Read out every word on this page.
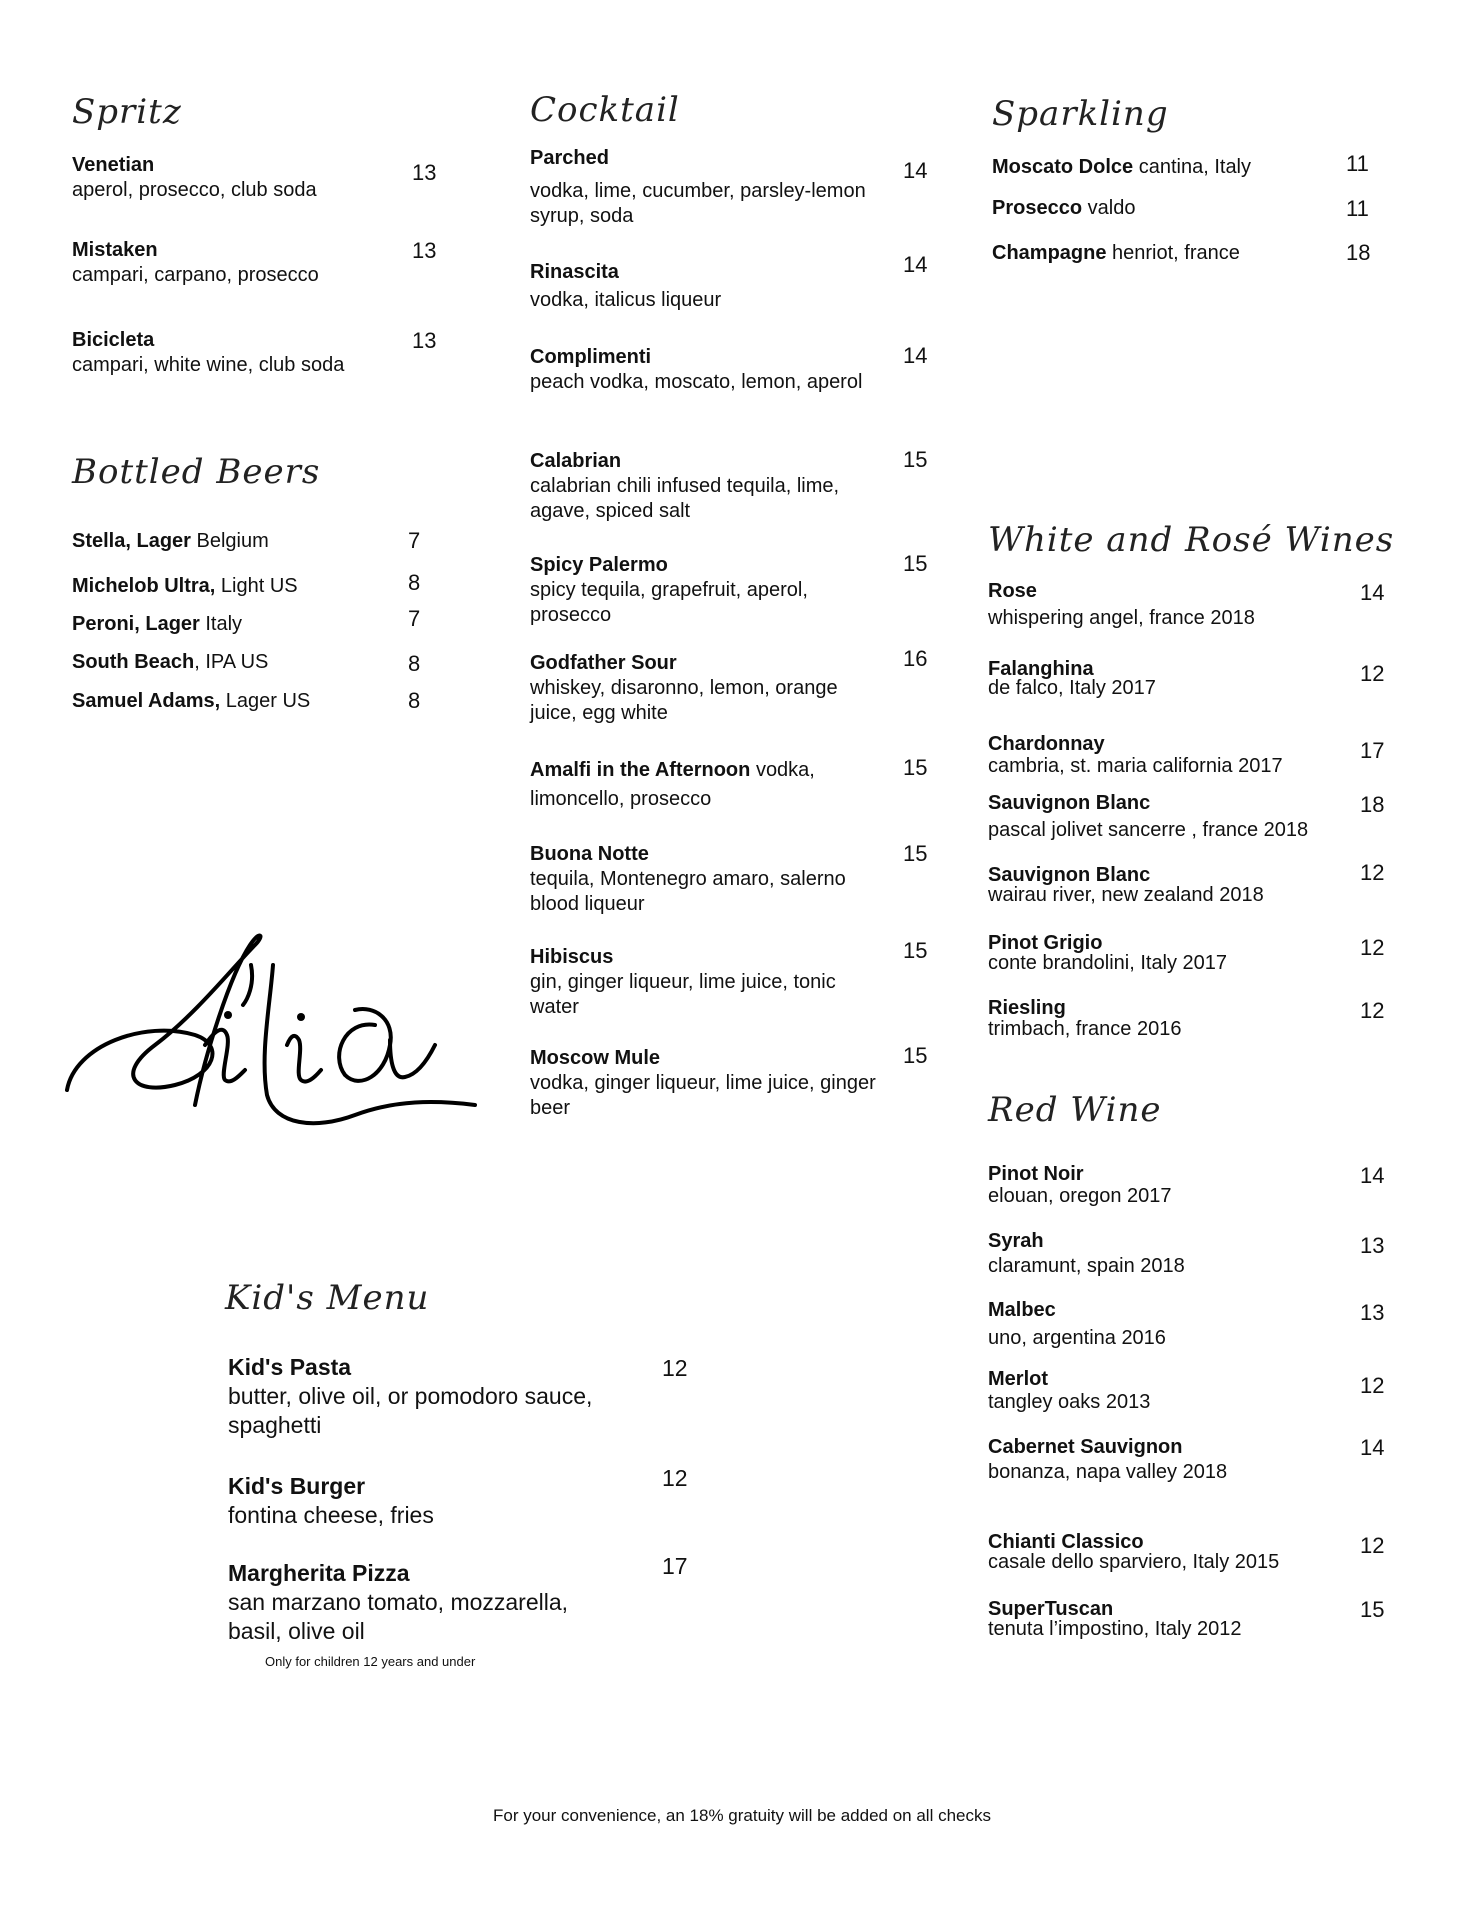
Spritz
Venetian
aperol, prosecco, club soda
13
Mistaken
campari, carpano, prosecco
13
Bicicleta
campari, white wine, club soda
13
Bottled Beers
Stella, Lager Belgium	7
Michelob Ultra, Light US	8
Peroni, Lager Italy	7
South Beach, IPA US	8
Samuel Adams, Lager US	8
Cocktail
Parched
vodka, lime, cucumber, parsley-lemon syrup, soda
14
Rinascita
vodka, italicus liqueur
14
Complimenti
peach vodka, moscato, lemon, aperol
14
Calabrian
calabrian chili infused tequila, lime, agave, spiced salt
15
Spicy Palermo
spicy tequila, grapefruit, aperol, prosecco
15
Godfather Sour
whiskey, disaronno, lemon, orange juice, egg white
16
Amalfi in the Afternoon vodka, limoncello, prosecco
15
Buona Notte
tequila, Montenegro amaro, salerno blood liqueur
15
Hibiscus
gin, ginger liqueur, lime juice, tonic water
15
Moscow Mule
vodka, ginger liqueur, lime juice, ginger beer
15
Sparkling
Moscato Dolce cantina, Italy	11
Prosecco valdo	11
Champagne henriot, france	18
White and Rosé Wines
Rose
whispering angel, france 2018
14
Falanghina
de falco, Italy 2017
12
Chardonnay
cambria, st. maria california 2017
17
Sauvignon Blanc
pascal jolivet sancerre , france 2018
18
Sauvignon Blanc
wairau river, new zealand 2018
12
Pinot Grigio
conte brandolini, Italy 2017
12
Riesling
trimbach, france 2016
12
Red Wine
Pinot Noir
elouan, oregon 2017
14
Syrah
claramunt, spain 2018
13
Malbec
uno, argentina 2016
13
Merlot
tangley oaks 2013
12
Cabernet Sauvignon
bonanza, napa valley 2018
14
Chianti Classico
casale dello sparviero, Italy 2015
12
SuperTuscan
tenuta l’impostino, Italy 2012
15
Kid's Menu
Kid's Pasta
butter, olive oil, or pomodoro sauce, spaghetti
12
Kid's Burger
fontina cheese, fries
12
Margherita Pizza
san marzano tomato, mozzarella, basil, olive oil
17
Only for children 12 years and under
For your convenience, an 18% gratuity will be added on all checks
